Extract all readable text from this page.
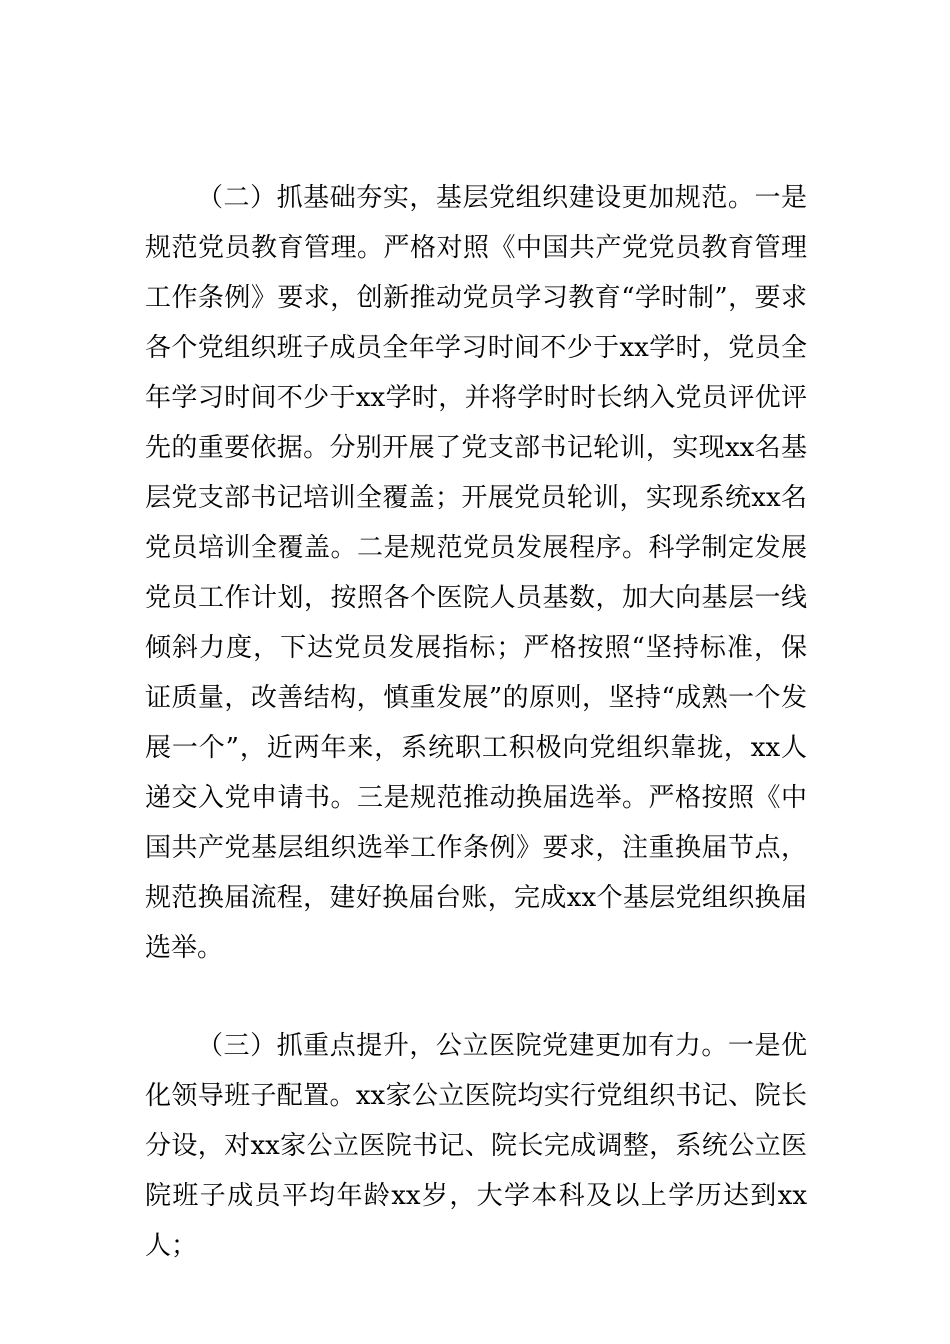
（二）抓基础夯实，基层党组织建设更加规范。一是规范党员教育管理。严格对照《中国共产党党员教育管理工作条例》要求，创新推动党员学习教育“学时制”，要求各个党组织班子成员全年学习时间不少于xx学时，党员全年学习时间不少于xx学时，并将学时时长纳入党员评优评先的重要依据。分别开展了党支部书记轮训，实现xx名基层党支部书记培训全覆盖；开展党员轮训，实现系统xx名党员培训全覆盖。二是规范党员发展程序。科学制定发展党员工作计划，按照各个医院人员基数，加大向基层一线倾斜力度，下达党员发展指标；严格按照“坚持标准，保证质量，改善结构，慎重发展”的原则，坚持“成熟一个发展一个”，近两年来，系统职工积极向党组织靠拢，xx人递交入党申请书。三是规范推动换届选举。严格按照《中国共产党基层组织选举工作条例》要求，注重换届节点，规范换届流程，建好换届台账，完成xx个基层党组织换届选举。

（三）抓重点提升，公立医院党建更加有力。一是优化领导班子配置。xx家公立医院均实行党组织书记、院长分设，对xx家公立医院书记、院长完成调整，系统公立医院班子成员平均年龄xx岁，大学本科及以上学历达到xx人；
